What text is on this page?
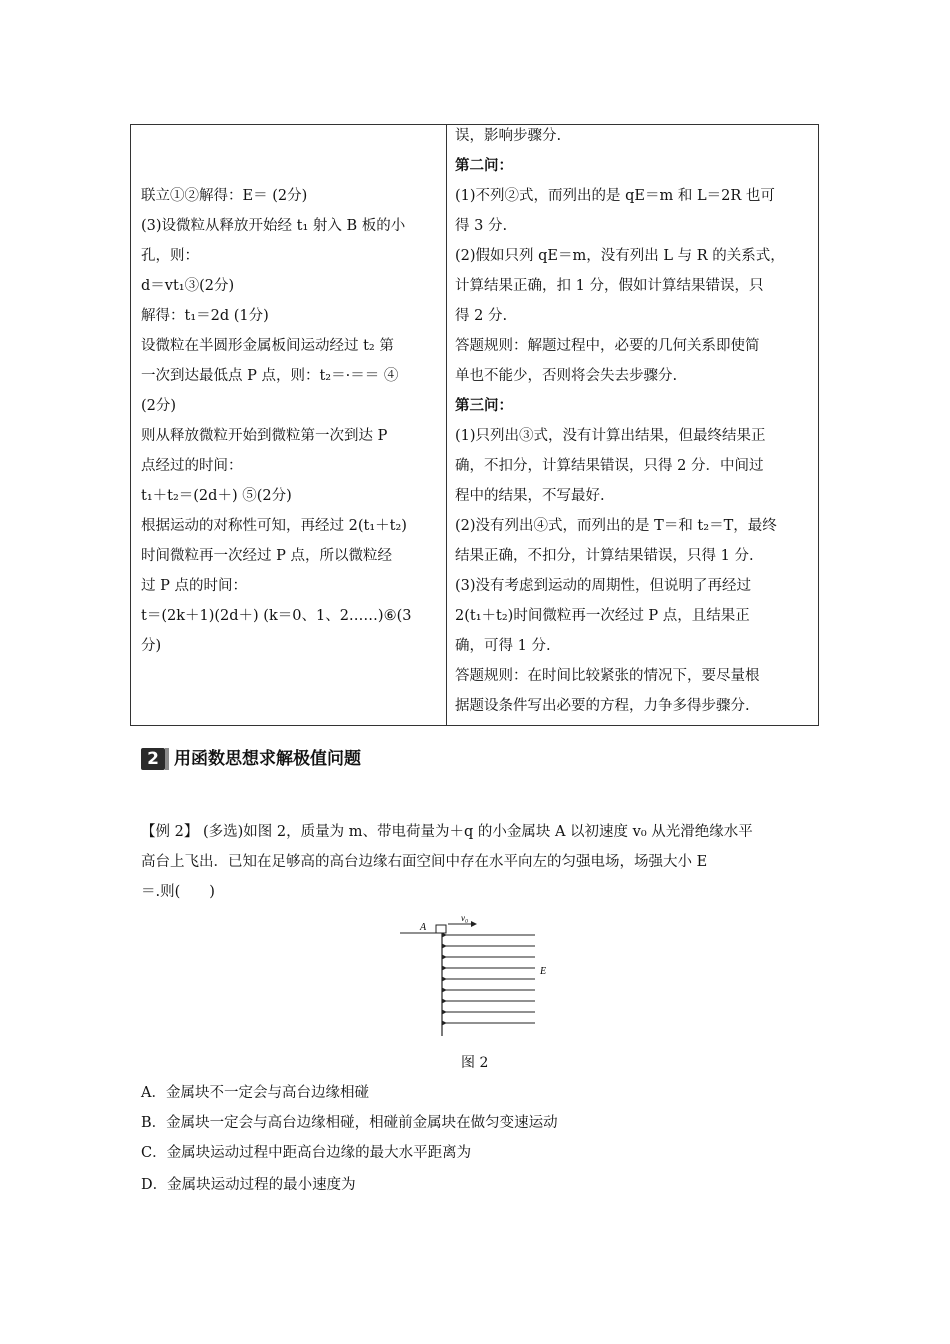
联立①②解得：E＝ (2分)
(3)设微粒从释放开始经 t₁ 射入 B 板的小
孔，则：
d＝vt₁③(2分)
解得：t₁＝2d (1分)
设微粒在半圆形金属板间运动经过 t₂ 第
一次到达最低点 P 点，则：t₂＝·＝＝ ④
(2分)
则从释放微粒开始到微粒第一次到达 P
点经过的时间：
t₁＋t₂＝(2d＋) ⑤(2分)
根据运动的对称性可知，再经过 2(t₁＋t₂)
时间微粒再一次经过 P 点，所以微粒经
过 P 点的时间：
t＝(2k＋1)(2d＋) (k＝0、1、2……)⑥(3
分)
误，影响步骤分.
第二问：
(1)不列②式，而列出的是 qE＝m 和 L＝2R 也可
得 3 分.
(2)假如只列 qE＝m，没有列出 L 与 R 的关系式，
计算结果正确，扣 1 分，假如计算结果错误，只
得 2 分.
答题规则：解题过程中，必要的几何关系即使简
单也不能少，否则将会失去步骤分.
第三问：
(1)只列出③式，没有计算出结果，但最终结果正
确，不扣分，计算结果错误，只得 2 分．中间过
程中的结果，不写最好.
(2)没有列出④式，而列出的是 T＝和 t₂＝T，最终
结果正确，不扣分，计算结果错误，只得 1 分.
(3)没有考虑到运动的周期性，但说明了再经过
2(t₁＋t₂)时间微粒再一次经过 P 点，且结果正
确，可得 1 分.
答题规则：在时间比较紧张的情况下，要尽量根
据题设条件写出必要的方程，力争多得步骤分.
2 用函数思想求解极值问题
【例 2】 (多选)如图 2，质量为 m、带电荷量为＋q 的小金属块 A 以初速度 v₀ 从光滑绝缘水平
高台上飞出．已知在足够高的高台边缘右面空间中存在水平向左的匀强电场，场强大小 E
＝.则(　　)
A
v₀
E
图 2
A．金属块不一定会与高台边缘相碰
B．金属块一定会与高台边缘相碰，相碰前金属块在做匀变速运动
C．金属块运动过程中距高台边缘的最大水平距离为
D．金属块运动过程的最小速度为
